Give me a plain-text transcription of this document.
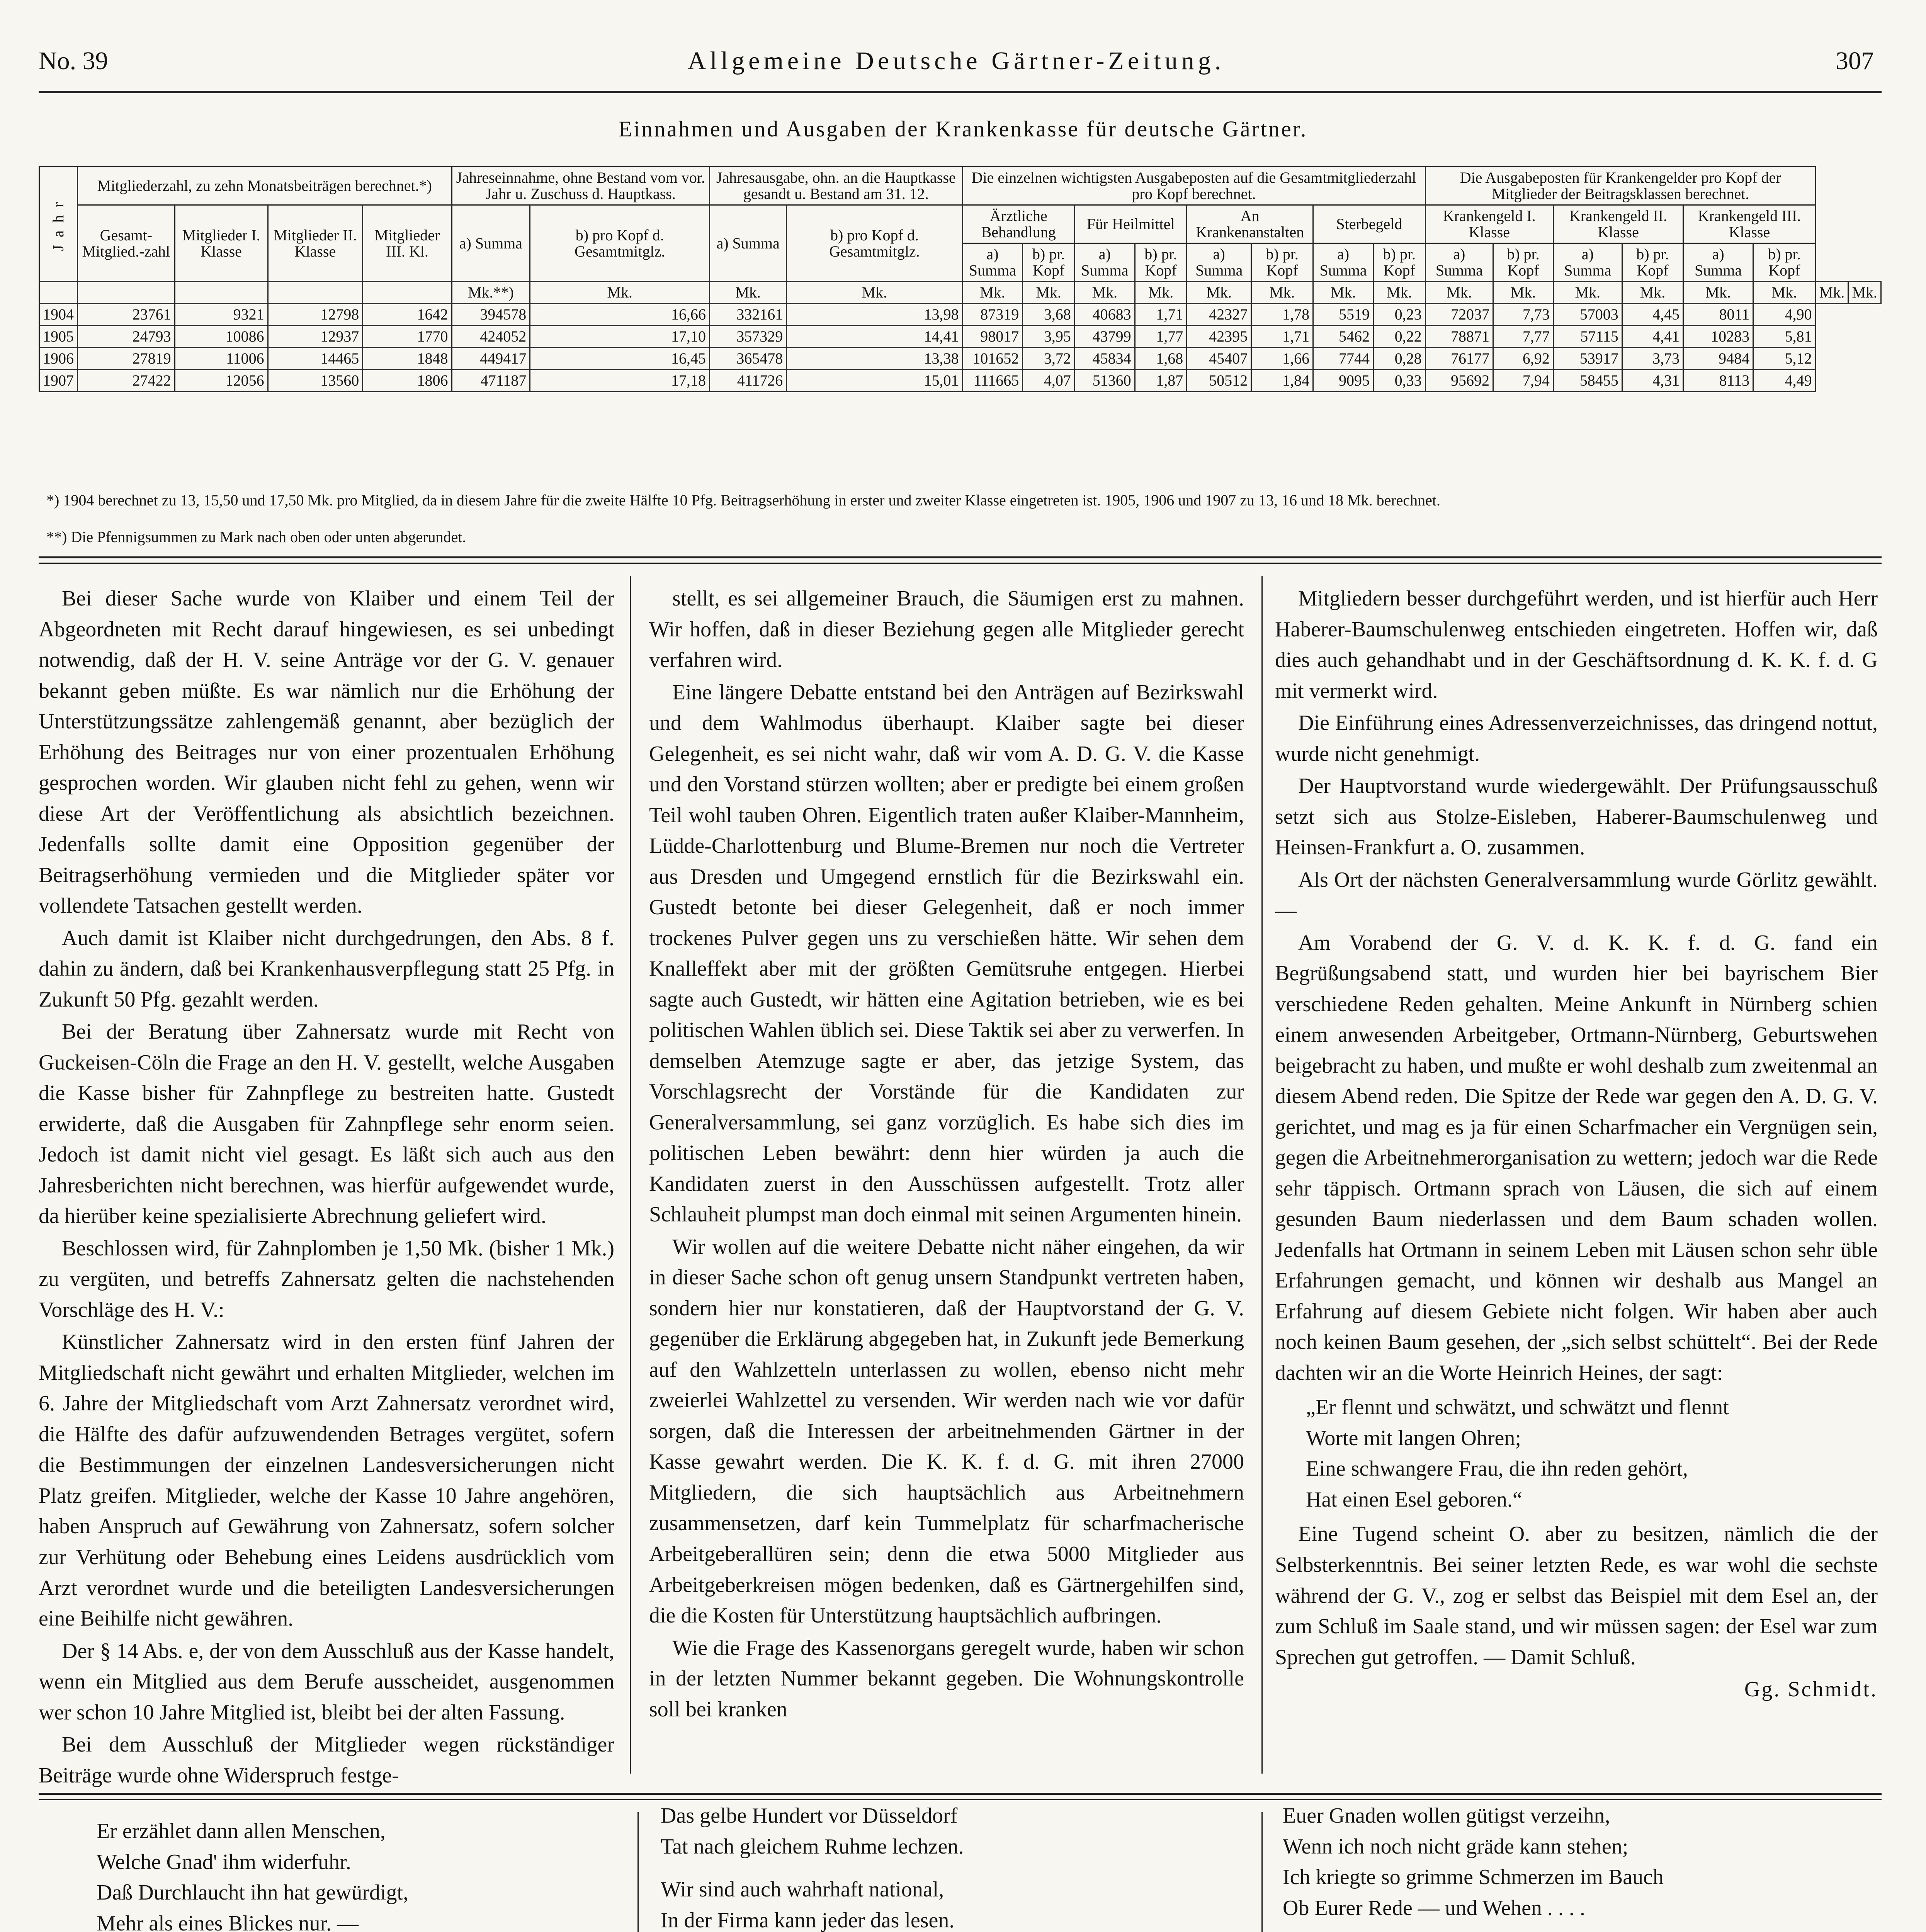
No. 39	Allgemeine Deutsche Gärtner-Zeitung.	307
Einnahmen und Ausgaben der Krankenkasse für deutsche Gärtner.
Jahr	Mitgliederzahl, zu zehn Monatsbeiträgen berechnet.*)				Jahreseinnahme, ohne Bestand vom vor. Jahr u. Zuschuss d. Hauptkass.		Jahresausgabe, ohn. an die Hauptkasse gesandt u. Bestand am 31. 12.		Die einzelnen wichtigsten Ausgabeposten auf die Gesamtmitgliederzahl pro Kopf berechnet.								Die Ausgabeposten für Krankengelder pro Kopf der Mitglieder der Beitragsklassen berechnet.							
	Gesamt-Mitglied.-zahl	Mitglieder I. Klasse	Mitglieder II. Klasse	Mitglieder III. Kl.	a) Summa	b) pro Kopf d. Gesamtmitglz.	a) Summa	b) pro Kopf d. Gesamtmitglz.	Ärztliche Behandlung		Für Heilmittel		An Krankenanstalten		Sterbegeld		Krankengeld I. Klasse		Krankengeld II. Klasse		Krankengeld III. Klasse			
									a) Summa	b) pr. Kopf	a) Summa	b) pr. Kopf	a) Summa	b) pr. Kopf	a) Summa	b) pr. Kopf	a) Summa	b) pr. Kopf	a) Summa	b) pr. Kopf	a) Summa	b) pr. Kopf		
					Mk.**)	Mk.	Mk.	Mk.	Mk.	Mk.	Mk.	Mk.	Mk.	Mk.	Mk.	Mk.	Mk.	Mk.	Mk.	Mk.	Mk.	Mk.	Mk.	Mk.
1904	23761	9321	12798	1642	394578	16,66	332161	13,98	87319	3,68	40683	1,71	42327	1,78	5519	0,23	72037	7,73	57003	4,45	8011	4,90		
1905	24793	10086	12937	1770	424052	17,10	357329	14,41	98017	3,95	43799	1,77	42395	1,71	5462	0,22	78871	7,77	57115	4,41	10283	5,81		
1906	27819	11006	14465	1848	449417	16,45	365478	13,38	101652	3,72	45834	1,68	45407	1,66	7744	0,28	76177	6,92	53917	3,73	9484	5,12		
1907	27422	12056	13560	1806	471187	17,18	411726	15,01	111665	4,07	51360	1,87	50512	1,84	9095	0,33	95692	7,94	58455	4,31	8113	4,49		
*) 1904 berechnet zu 13, 15,50 und 17,50 Mk. pro Mitglied, da in diesem Jahre für die zweite Hälfte 10 Pfg. Beitragserhöhung in erster und zweiter Klasse eingetreten ist. 1905, 1906 und 1907 zu 13, 16 und 18 Mk. berechnet.
**) Die Pfennigsummen zu Mark nach oben oder unten abgerundet.

Bei dieser Sache wurde von Klaiber und einem Teil der Abgeordneten mit Recht darauf hingewiesen, es sei unbedingt notwendig, daß der H. V. seine Anträge vor der G. V. genauer bekannt geben müßte. Es war nämlich nur die Erhöhung der Unterstützungssätze zahlengemäß genannt, aber bezüglich der Erhöhung des Beitrages nur von einer prozentualen Erhöhung gesprochen worden. Wir glauben nicht fehl zu gehen, wenn wir diese Art der Veröffentlichung als absichtlich bezeichnen. Jedenfalls sollte damit eine Opposition gegenüber der Beitragserhöhung vermieden und die Mitglieder später vor vollendete Tatsachen gestellt werden.

Auch damit ist Klaiber nicht durchgedrungen, den Abs. 8 f. dahin zu ändern, daß bei Krankenhausverpflegung statt 25 Pfg. in Zukunft 50 Pfg. gezahlt werden.

Bei der Beratung über Zahnersatz wurde mit Recht von Guckeisen-Cöln die Frage an den H. V. gestellt, welche Ausgaben die Kasse bisher für Zahnpflege zu bestreiten hatte. Gustedt erwiderte, daß die Ausgaben für Zahnpflege sehr enorm seien. Jedoch ist damit nicht viel gesagt. Es läßt sich auch aus den Jahresberichten nicht berechnen, was hierfür aufgewendet wurde, da hierüber keine spezialisierte Abrechnung geliefert wird.

Beschlossen wird, für Zahnplomben je 1,50 Mk. (bisher 1 Mk.) zu vergüten, und betreffs Zahnersatz gelten die nachstehenden Vorschläge des H. V.:

Künstlicher Zahnersatz wird in den ersten fünf Jahren der Mitgliedschaft nicht gewährt und erhalten Mitglieder, welchen im 6. Jahre der Mitgliedschaft vom Arzt Zahnersatz verordnet wird, die Hälfte des dafür aufzuwendenden Betrages vergütet, sofern die Bestimmungen der einzelnen Landesversicherungen nicht Platz greifen. Mitglieder, welche der Kasse 10 Jahre angehören, haben Anspruch auf Gewährung von Zahnersatz, sofern solcher zur Verhütung oder Behebung eines Leidens ausdrücklich vom Arzt verordnet wurde und die beteiligten Landesversicherungen eine Beihilfe nicht gewähren.

Der § 14 Abs. e, der von dem Ausschluß aus der Kasse handelt, wenn ein Mitglied aus dem Berufe ausscheidet, ausgenommen wer schon 10 Jahre Mitglied ist, bleibt bei der alten Fassung.

Bei dem Ausschluß der Mitglieder wegen rückständiger Beiträge wurde ohne Widerspruch festge-

stellt, es sei allgemeiner Brauch, die Säumigen erst zu mahnen. Wir hoffen, daß in dieser Beziehung gegen alle Mitglieder gerecht verfahren wird.

Eine längere Debatte entstand bei den Anträgen auf Bezirkswahl und dem Wahlmodus überhaupt. Klaiber sagte bei dieser Gelegenheit, es sei nicht wahr, daß wir vom A. D. G. V. die Kasse und den Vorstand stürzen wollten; aber er predigte bei einem großen Teil wohl tauben Ohren. Eigentlich traten außer Klaiber-Mannheim, Lüdde-Charlottenburg und Blume-Bremen nur noch die Vertreter aus Dresden und Umgegend ernstlich für die Bezirkswahl ein. Gustedt betonte bei dieser Gelegenheit, daß er noch immer trockenes Pulver gegen uns zu verschießen hätte. Wir sehen dem Knalleffekt aber mit der größten Gemütsruhe entgegen. Hierbei sagte auch Gustedt, wir hätten eine Agitation betrieben, wie es bei politischen Wahlen üblich sei. Diese Taktik sei aber zu verwerfen. In demselben Atemzuge sagte er aber, das jetzige System, das Vorschlagsrecht der Vorstände für die Kandidaten zur Generalversammlung, sei ganz vorzüglich. Es habe sich dies im politischen Leben bewährt: denn hier würden ja auch die Kandidaten zuerst in den Ausschüssen aufgestellt. Trotz aller Schlauheit plumpst man doch einmal mit seinen Argumenten hinein.

Wir wollen auf die weitere Debatte nicht näher eingehen, da wir in dieser Sache schon oft genug unsern Standpunkt vertreten haben, sondern hier nur konstatieren, daß der Hauptvorstand der G. V. gegenüber die Erklärung abgegeben hat, in Zukunft jede Bemerkung auf den Wahlzetteln unterlassen zu wollen, ebenso nicht mehr zweierlei Wahlzettel zu versenden. Wir werden nach wie vor dafür sorgen, daß die Interessen der arbeitnehmenden Gärtner in der Kasse gewahrt werden. Die K. K. f. d. G. mit ihren 27000 Mitgliedern, die sich hauptsächlich aus Arbeitnehmern zusammensetzen, darf kein Tummelplatz für scharfmacherische Arbeitgeberallüren sein; denn die etwa 5000 Mitglieder aus Arbeitgeberkreisen mögen bedenken, daß es Gärtnergehilfen sind, die die Kosten für Unterstützung hauptsächlich aufbringen.

Wie die Frage des Kassenorgans geregelt wurde, haben wir schon in der letzten Nummer bekannt gegeben. Die Wohnungskontrolle soll bei kranken

Mitgliedern besser durchgeführt werden, und ist hierfür auch Herr Haberer-Baumschulenweg entschieden eingetreten. Hoffen wir, daß dies auch gehandhabt und in der Geschäftsordnung d. K. K. f. d. G mit vermerkt wird.

Die Einführung eines Adressenverzeichnisses, das dringend nottut, wurde nicht genehmigt.

Der Hauptvorstand wurde wiedergewählt. Der Prüfungsausschuß setzt sich aus Stolze-Eisleben, Haberer-Baumschulenweg und Heinsen-Frankfurt a. O. zusammen.

Als Ort der nächsten Generalversammlung wurde Görlitz gewählt. —

Am Vorabend der G. V. d. K. K. f. d. G. fand ein Begrüßungsabend statt, und wurden hier bei bayrischem Bier verschiedene Reden gehalten. Meine Ankunft in Nürnberg schien einem anwesenden Arbeitgeber, Ortmann-Nürnberg, Geburtswehen beigebracht zu haben, und mußte er wohl deshalb zum zweitenmal an diesem Abend reden. Die Spitze der Rede war gegen den A. D. G. V. gerichtet, und mag es ja für einen Scharfmacher ein Vergnügen sein, gegen die Arbeitnehmerorganisation zu wettern; jedoch war die Rede sehr täppisch. Ortmann sprach von Läusen, die sich auf einem gesunden Baum niederlassen und dem Baum schaden wollen. Jedenfalls hat Ortmann in seinem Leben mit Läusen schon sehr üble Erfahrungen gemacht, und können wir deshalb aus Mangel an Erfahrung auf diesem Gebiete nicht folgen. Wir haben aber auch noch keinen Baum gesehen, der „sich selbst schüttelt“. Bei der Rede dachten wir an die Worte Heinrich Heines, der sagt:

„Er flennt und schwätzt, und schwätzt und flennt
Worte mit langen Ohren;
Eine schwangere Frau, die ihn reden gehört,
Hat einen Esel geboren.“

Eine Tugend scheint O. aber zu besitzen, nämlich die der Selbsterkenntnis. Bei seiner letzten Rede, es war wohl die sechste während der G. V., zog er selbst das Beispiel mit dem Esel an, der zum Schluß im Saale stand, und wir müssen sagen: der Esel war zum Sprechen gut getroffen. — Damit Schluß.

Gg. Schmidt.
Er erzählet dann allen Menschen,
Welche Gnad' ihm widerfuhr.
Daß Durchlaucht ihn hat gewürdigt,
Mehr als eines Blickes nur. —
Das gelbe Hundert vor Düsseldorf
Tat nach gleichem Ruhme lechzen.
Wir sind auch wahrhaft national,
In der Firma kann jeder das lesen.
Euer Gnaden wollen gütigst verzeihn,
Wenn ich noch nicht gräde kann stehen;
Ich kriegte so grimme Schmerzen im Bauch
Ob Eurer Rede — und Wehen . . . .
